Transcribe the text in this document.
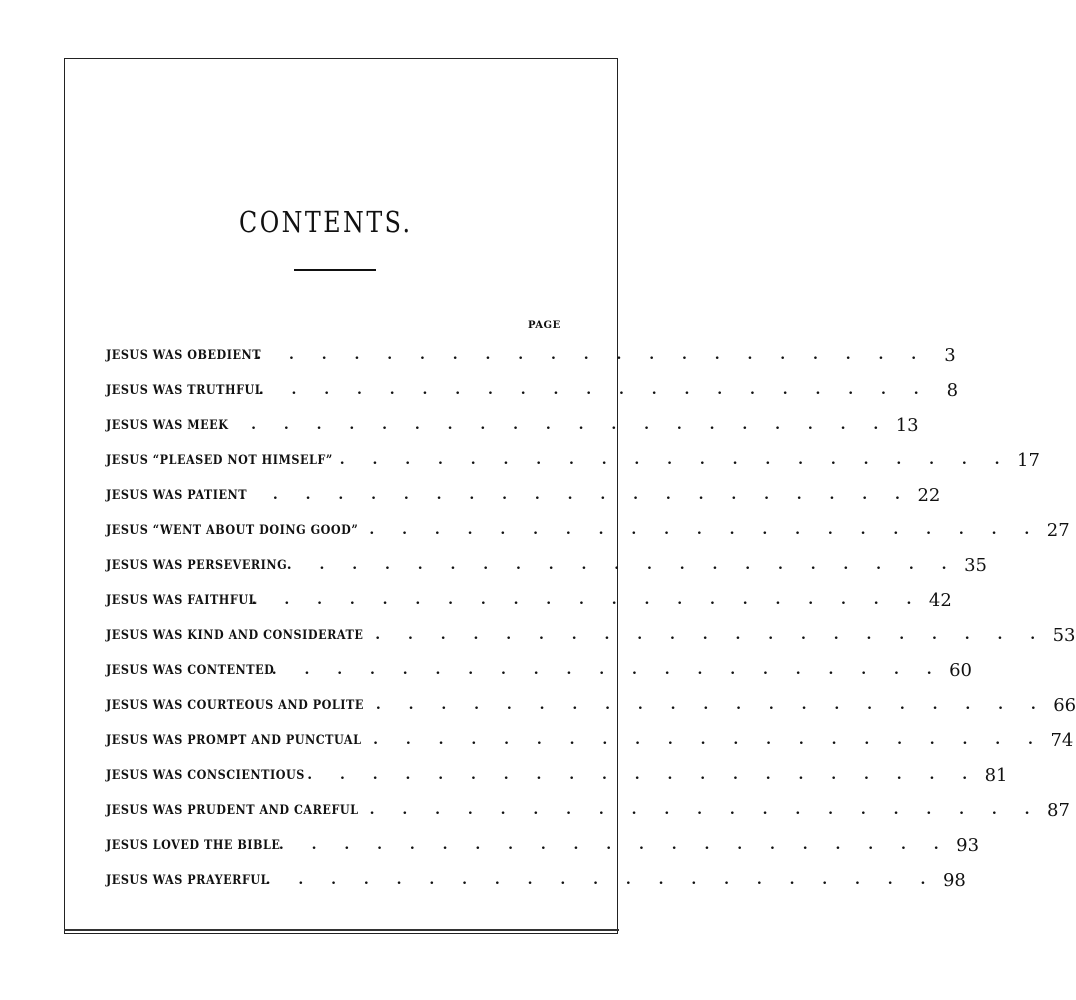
CONTENTS.
PAGE
JESUS WAS OBEDIENT
. . . . . . . . . . . . . . . . . . . . . 3
JESUS WAS TRUTHFUL
. . . . . . . . . . . . . . . . . . . . . 8
JESUS WAS MEEK
. . . . . . . . . . . . . . . . . . . . . 13
JESUS “PLEASED NOT HIMSELF” . . . . . . . . . . . . . . . . . . . . . 17
JESUS WAS PATIENT
. . . . . . . . . . . . . . . . . . . . . 22
JESUS “WENT ABOUT DOING GOOD” . . . . . . . . . . . . . . . . . . . . . 27
JESUS WAS PERSEVERING . . . . . . . . . . . . . . . . . . . . . 35
JESUS WAS FAITHFUL
. . . . . . . . . . . . . . . . . . . . . 42
JESUS WAS KIND AND CONSIDERATE . . . . . . . . . . . . . . . . . . . . . 53
JESUS WAS CONTENTED
. . . . . . . . . . . . . . . . . . . . . 60
JESUS WAS COURTEOUS AND POLITE . . . . . . . . . . . . . . . . . . . . . 66
JESUS WAS PROMPT AND PUNCTUAL . . . . . . . . . . . . . . . . . . . . . 74
JESUS WAS CONSCIENTIOUS . . . . . . . . . . . . . . . . . . . . . 81
JESUS WAS PRUDENT AND CAREFUL . . . . . . . . . . . . . . . . . . . . . 87
JESUS LOVED THE BIBLE
. . . . . . . . . . . . . . . . . . . . . 93
JESUS WAS PRAYERFUL
. . . . . . . . . . . . . . . . . . . . . 98
